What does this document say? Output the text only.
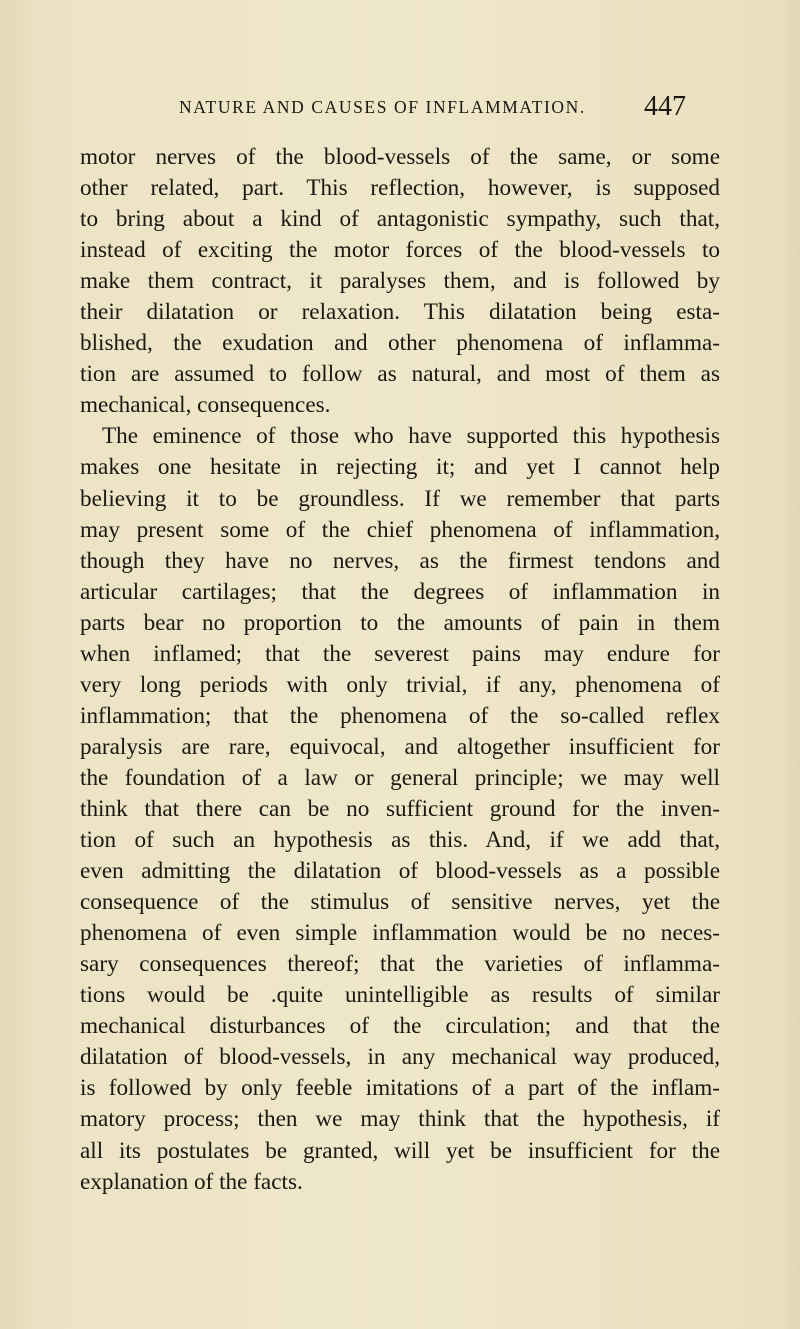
NATURE AND CAUSES OF INFLAMMATION. 447
motor nerves of the blood-vessels of the same, or some
other related, part. This reflection, however, is supposed
to bring about a kind of antagonistic sympathy, such that,
instead of exciting the motor forces of the blood-vessels to
make them contract, it paralyses them, and is followed by
their dilatation or relaxation. This dilatation being esta-
blished, the exudation and other phenomena of inflamma-
tion are assumed to follow as natural, and most of them as
mechanical, consequences.
The eminence of those who have supported this hypothesis
makes one hesitate in rejecting it; and yet I cannot help
believing it to be groundless. If we remember that parts
may present some of the chief phenomena of inflammation,
though they have no nerves, as the firmest tendons and
articular cartilages; that the degrees of inflammation in
parts bear no proportion to the amounts of pain in them
when inflamed; that the severest pains may endure for
very long periods with only trivial, if any, phenomena of
inflammation; that the phenomena of the so-called reflex
paralysis are rare, equivocal, and altogether insufficient for
the foundation of a law or general principle; we may well
think that there can be no sufficient ground for the inven-
tion of such an hypothesis as this. And, if we add that,
even admitting the dilatation of blood-vessels as a possible
consequence of the stimulus of sensitive nerves, yet the
phenomena of even simple inflammation would be no neces-
sary consequences thereof; that the varieties of inflamma-
tions would be .quite unintelligible as results of similar
mechanical disturbances of the circulation; and that the
dilatation of blood-vessels, in any mechanical way produced,
is followed by only feeble imitations of a part of the inflam-
matory process; then we may think that the hypothesis, if
all its postulates be granted, will yet be insufficient for the
explanation of the facts.
